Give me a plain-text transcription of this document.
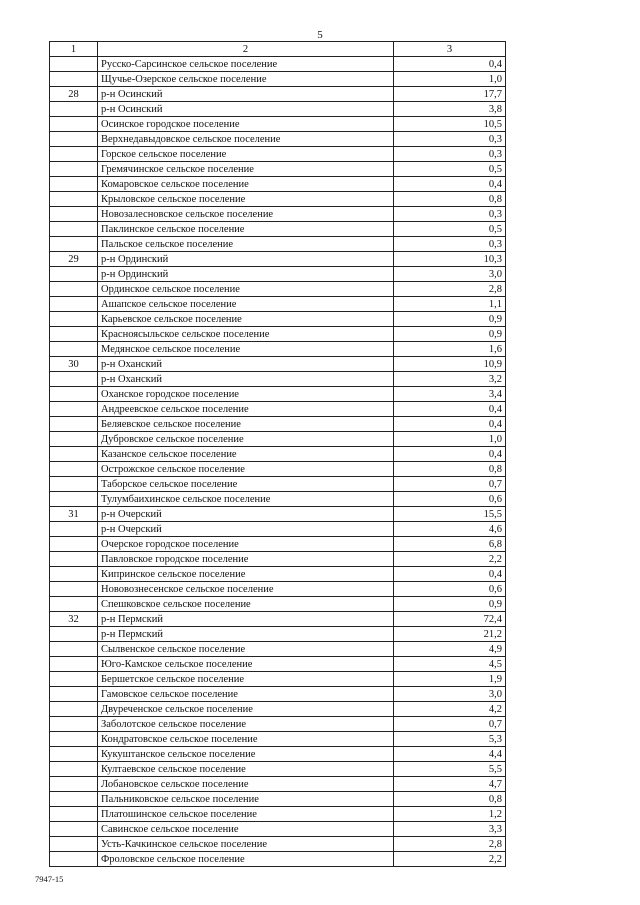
5
1	2	3
	Русско-Сарсинское сельское поселение	0,4
	Щучье-Озерское сельское поселение	1,0
28	р-н Осинский	17,7
	р-н Осинский	3,8
	Осинское городское поселение	10,5
	Верхнедавыдовское сельское поселение	0,3
	Горское сельское поселение	0,3
	Гремячинское сельское поселение	0,5
	Комаровское сельское поселение	0,4
	Крыловское сельское поселение	0,8
	Новозалесновское сельское поселение	0,3
	Паклинское сельское поселение	0,5
	Пальское сельское поселение	0,3
29	р-н Ординский	10,3
	р-н Ординский	3,0
	Ординское сельское поселение	2,8
	Ашапское сельское поселение	1,1
	Карьевское сельское поселение	0,9
	Красноясыльское сельское поселение	0,9
	Медянское сельское поселение	1,6
30	р-н Оханский	10,9
	р-н Оханский	3,2
	Оханское городское поселение	3,4
	Андреевское сельское поселение	0,4
	Беляевское сельское поселение	0,4
	Дубровское сельское поселение	1,0
	Казанское сельское поселение	0,4
	Острожское сельское поселение	0,8
	Таборское сельское поселение	0,7
	Тулумбаихинское сельское поселение	0,6
31	р-н Очерский	15,5
	р-н Очерский	4,6
	Очерское городское поселение	6,8
	Павловское городское поселение	2,2
	Кипринское сельское поселение	0,4
	Нововознесенское сельское поселение	0,6
	Спешковское сельское поселение	0,9
32	р-н Пермский	72,4
	р-н Пермский	21,2
	Сылвенское сельское поселение	4,9
	Юго-Камское сельское поселение	4,5
	Бершетское сельское поселение	1,9
	Гамовское сельское поселение	3,0
	Двуреченское сельское поселение	4,2
	Заболотское сельское поселение	0,7
	Кондратовское сельское поселение	5,3
	Кукуштанское сельское поселение	4,4
	Култаевское сельское поселение	5,5
	Лобановское сельское поселение	4,7
	Пальниковское сельское поселение	0,8
	Платошинское сельское поселение	1,2
	Савинское сельское поселение	3,3
	Усть-Качкинское сельское поселение	2,8
	Фроловское сельское поселение	2,2
7947-15
